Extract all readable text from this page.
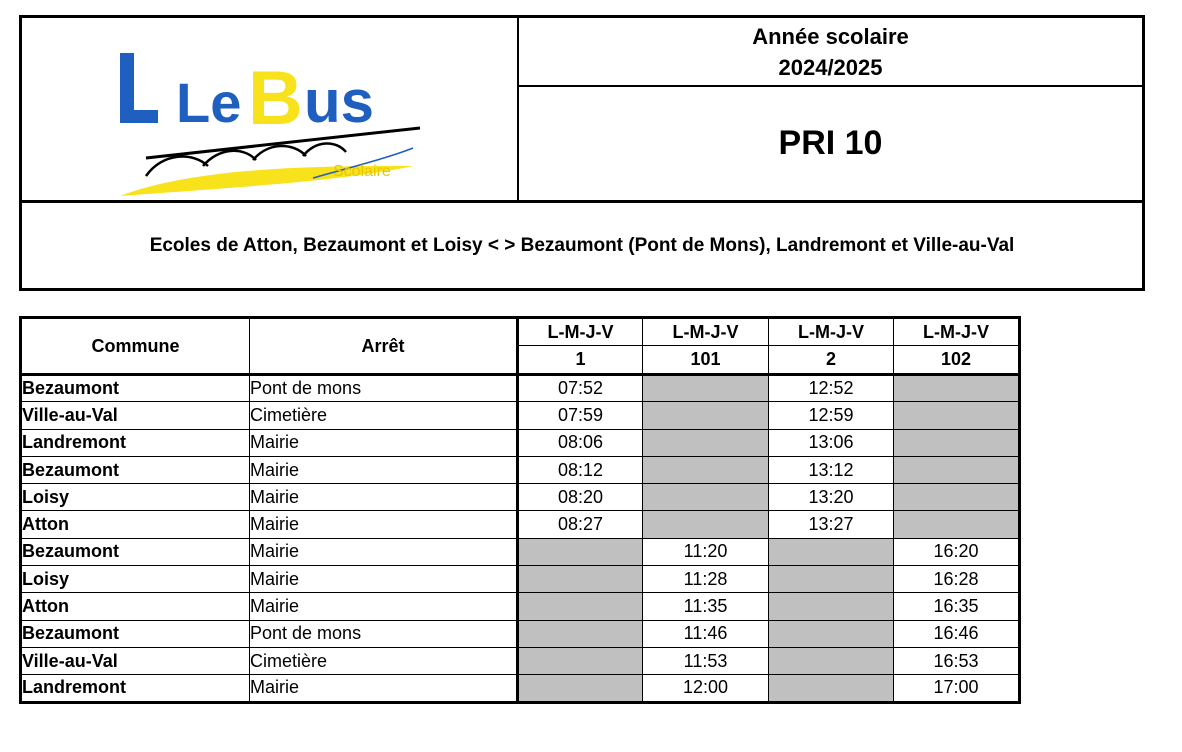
Le B us
Scolaire
Année scolaire
2024/2025
PRI 10
Ecoles de Atton, Bezaumont et Loisy < > Bezaumont (Pont de Mons), Landremont et Ville-au-Val
Commune	Arrêt	L-M-J-V	L-M-J-V	L-M-J-V	L-M-J-V
		1	101	2	102
Bezaumont	Pont de mons	07:52		12:52	
Ville-au-Val	Cimetière	07:59		12:59	
Landremont	Mairie	08:06		13:06	
Bezaumont	Mairie	08:12		13:12	
Loisy	Mairie	08:20		13:20	
Atton	Mairie	08:27		13:27	
Bezaumont	Mairie		11:20		16:20
Loisy	Mairie		11:28		16:28
Atton	Mairie		11:35		16:35
Bezaumont	Pont de mons		11:46		16:46
Ville-au-Val	Cimetière		11:53		16:53
Landremont	Mairie		12:00		17:00
